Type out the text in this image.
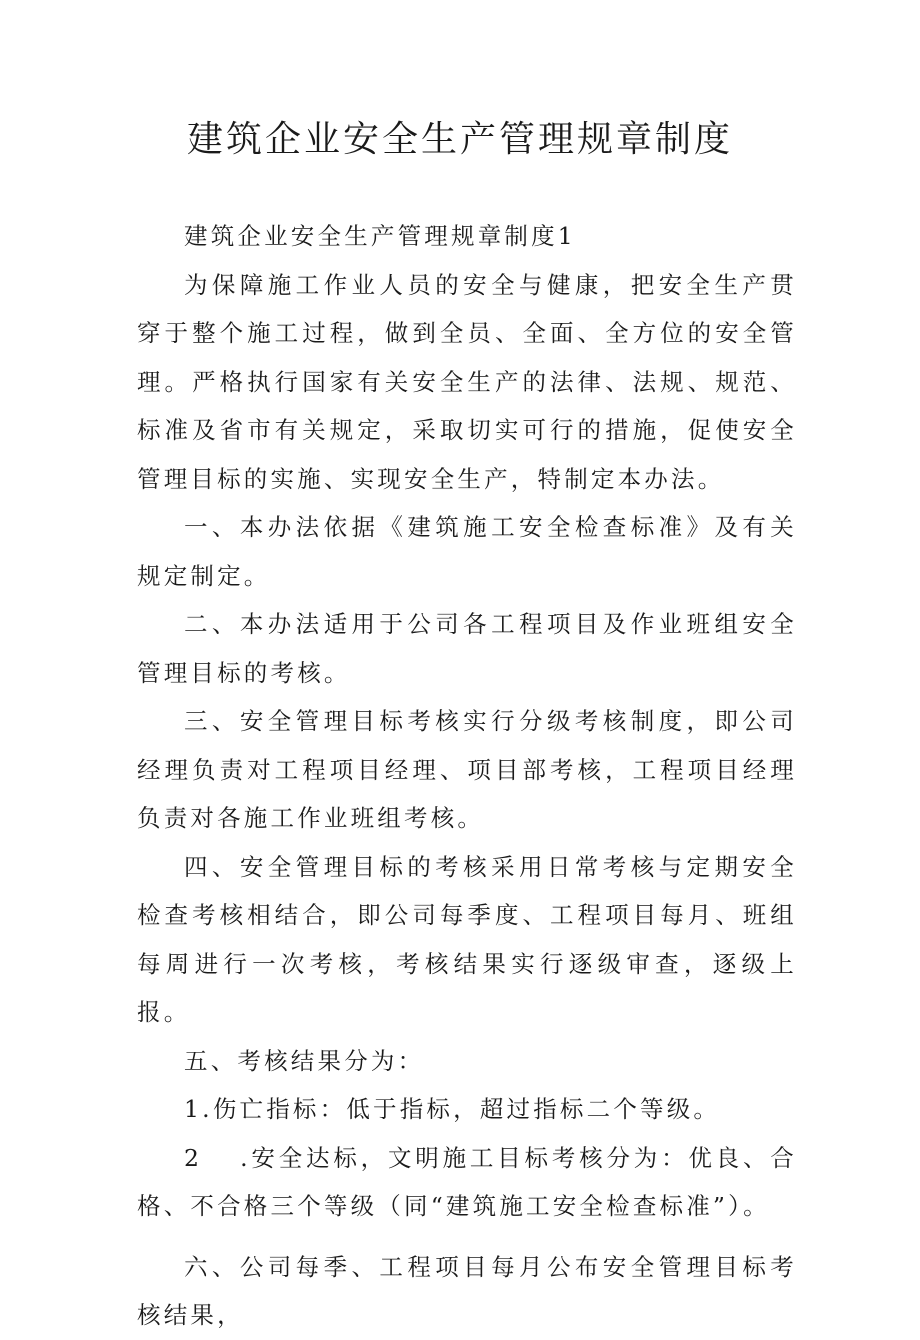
建筑企业安全生产管理规章制度

建筑企业安全生产管理规章制度1

为保障施工作业人员的安全与健康，把安全生产贯穿于整个施工过程，做到全员、全面、全方位的安全管理。严格执行国家有关安全生产的法律、法规、规范、标准及省市有关规定，采取切实可行的措施，促使安全管理目标的实施、实现安全生产，特制定本办法。

一、本办法依据《建筑施工安全检查标准》及有关规定制定。

二、本办法适用于公司各工程项目及作业班组安全管理目标的考核。

三、安全管理目标考核实行分级考核制度，即公司经理负责对工程项目经理、项目部考核，工程项目经理负责对各施工作业班组考核。

四、安全管理目标的考核采用日常考核与定期安全检查考核相结合，即公司每季度、工程项目每月、班组每周进行一次考核，考核结果实行逐级审查，逐级上报。

五、考核结果分为：

1.伤亡指标：低于指标，超过指标二个等级。

2 .安全达标，文明施工目标考核分为：优良、合格、不合格三个等级（同“建筑施工安全检查标准”）。

六、公司每季、工程项目每月公布安全管理目标考核结果，
